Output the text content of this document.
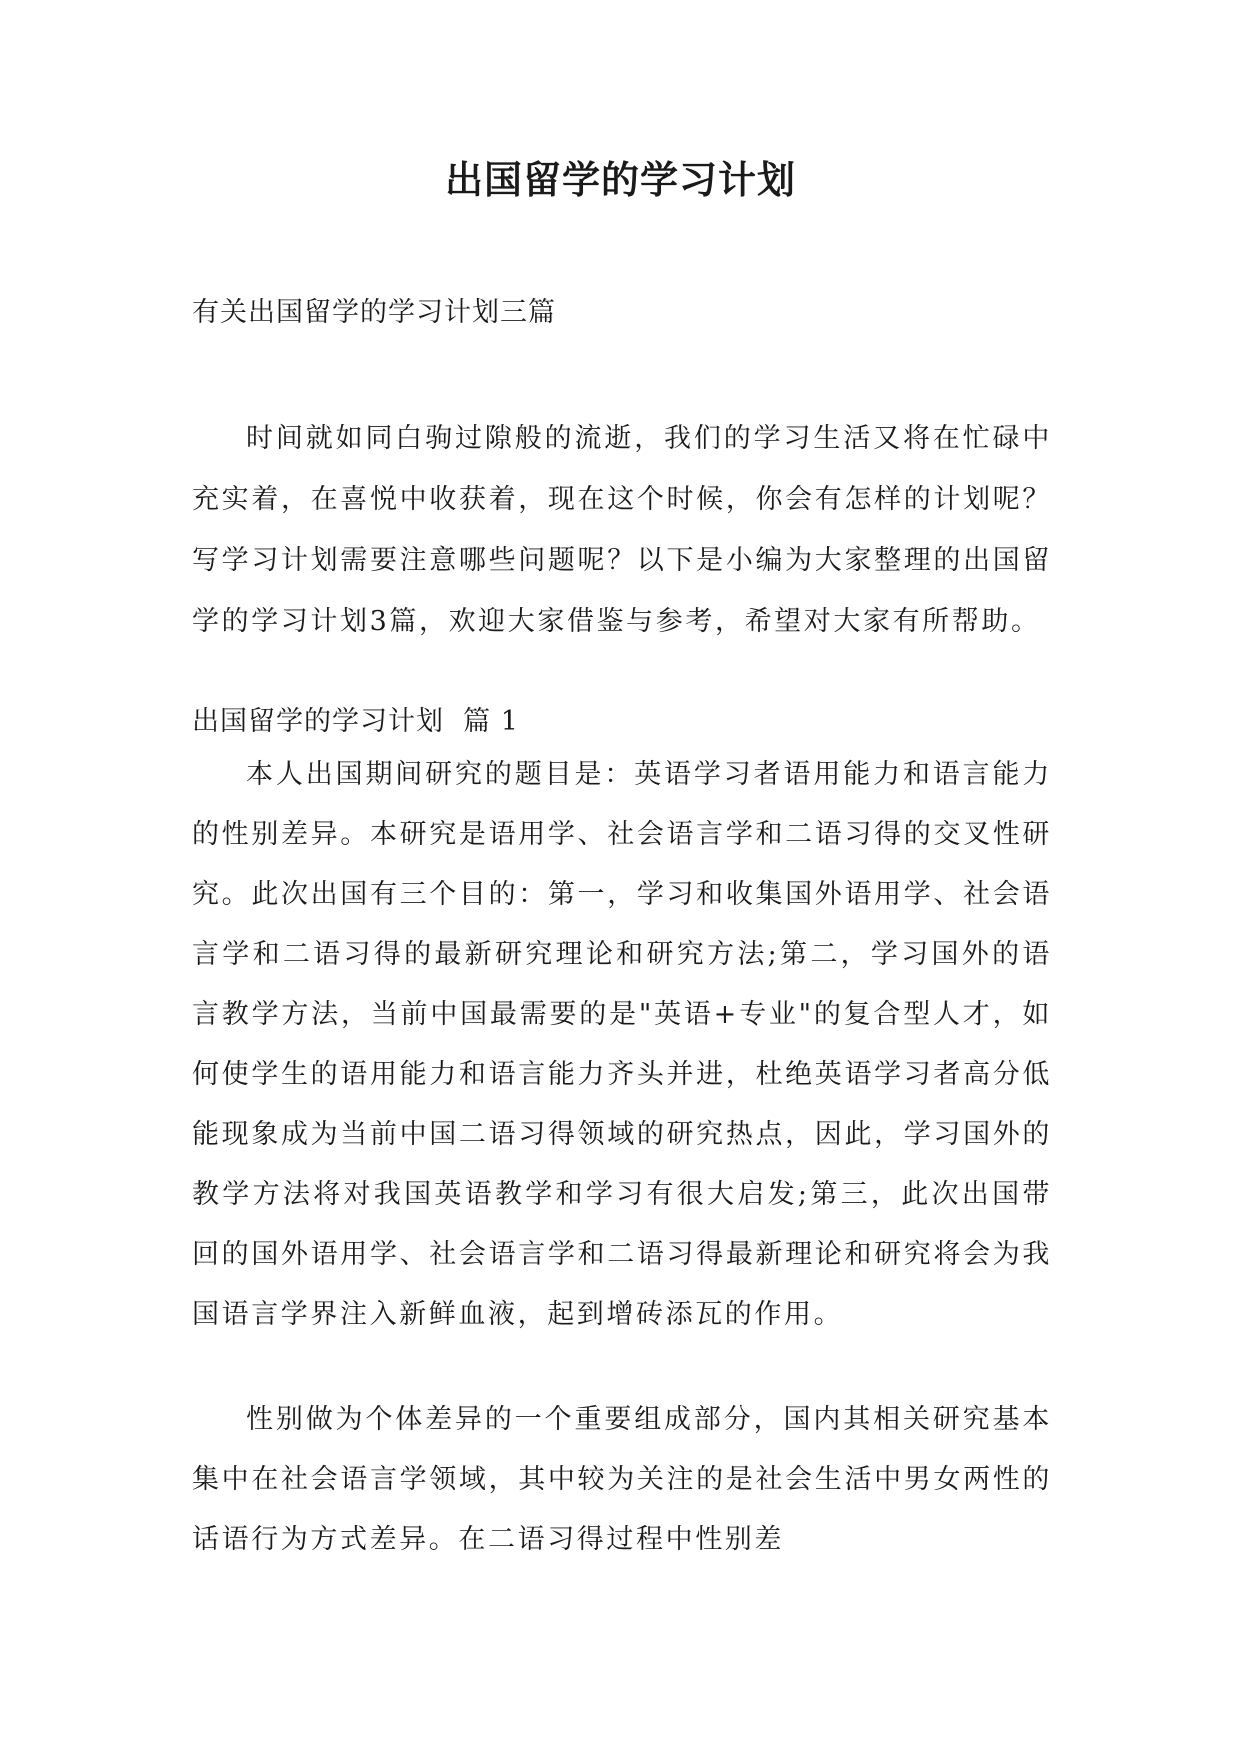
出国留学的学习计划

有关出国留学的学习计划三篇

时间就如同白驹过隙般的流逝，我们的学习生活又将在忙碌中充实着，在喜悦中收获着，现在这个时候，你会有怎样的计划呢？写学习计划需要注意哪些问题呢？以下是小编为大家整理的出国留学的学习计划3篇，欢迎大家借鉴与参考，希望对大家有所帮助。

出国留学的学习计划  篇 1

本人出国期间研究的题目是：英语学习者语用能力和语言能力的性别差异。本研究是语用学、社会语言学和二语习得的交叉性研究。此次出国有三个目的：第一，学习和收集国外语用学、社会语言学和二语习得的最新研究理论和研究方法;第二，学习国外的语言教学方法，当前中国最需要的是"英语+专业"的复合型人才，如何使学生的语用能力和语言能力齐头并进，杜绝英语学习者高分低能现象成为当前中国二语习得领域的研究热点，因此，学习国外的教学方法将对我国英语教学和学习有很大启发;第三，此次出国带回的国外语用学、社会语言学和二语习得最新理论和研究将会为我国语言学界注入新鲜血液，起到增砖添瓦的作用。

性别做为个体差异的一个重要组成部分，国内其相关研究基本集中在社会语言学领域，其中较为关注的是社会生活中男女两性的话语行为方式差异。在二语习得过程中性别差
